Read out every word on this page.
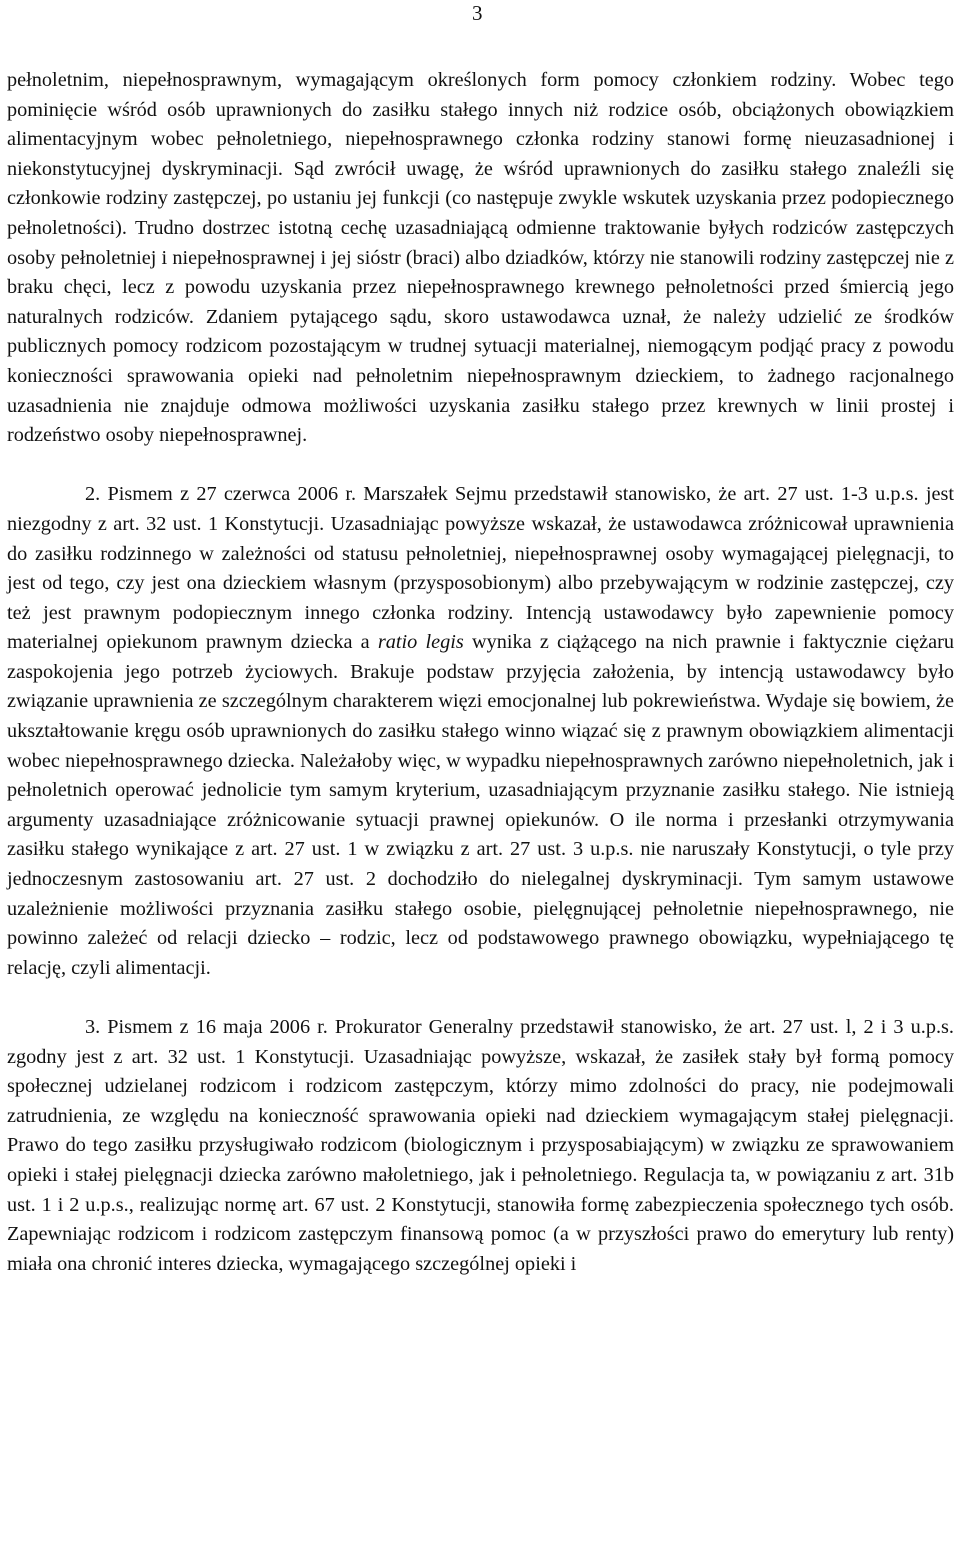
3

pełnoletnim, niepełnosprawnym, wymagającym określonych form pomocy członkiem rodziny. Wobec tego pominięcie wśród osób uprawnionych do zasiłku stałego innych niż rodzice osób, obciążonych obowiązkiem alimentacyjnym wobec pełnoletniego, niepełnosprawnego członka rodziny stanowi formę nieuzasadnionej i niekonstytucyjnej dyskryminacji. Sąd zwrócił uwagę, że wśród uprawnionych do zasiłku stałego znaleźli się członkowie rodziny zastępczej, po ustaniu jej funkcji (co następuje zwykle wskutek uzyskania przez podopiecznego pełnoletności). Trudno dostrzec istotną cechę uzasadniającą odmienne traktowanie byłych rodziców zastępczych osoby pełnoletniej i niepełnosprawnej i jej sióstr (braci) albo dziadków, którzy nie stanowili rodziny zastępczej nie z braku chęci, lecz z powodu uzyskania przez niepełnosprawnego krewnego pełnoletności przed śmiercią jego naturalnych rodziców. Zdaniem pytającego sądu, skoro ustawodawca uznał, że należy udzielić ze środków publicznych pomocy rodzicom pozostającym w trudnej sytuacji materialnej, niemogącym podjąć pracy z powodu konieczności sprawowania opieki nad pełnoletnim niepełnosprawnym dzieckiem, to żadnego racjonalnego uzasadnienia nie znajduje odmowa możliwości uzyskania zasiłku stałego przez krewnych w linii prostej i rodzeństwo osoby niepełnosprawnej.

2. Pismem z 27 czerwca 2006 r. Marszałek Sejmu przedstawił stanowisko, że art. 27 ust. 1-3 u.p.s. jest niezgodny z art. 32 ust. 1 Konstytucji. Uzasadniając powyższe wskazał, że ustawodawca zróżnicował uprawnienia do zasiłku rodzinnego w zależności od statusu pełnoletniej, niepełnosprawnej osoby wymagającej pielęgnacji, to jest od tego, czy jest ona dzieckiem własnym (przysposobionym) albo przebywającym w rodzinie zastępczej, czy też jest prawnym podopiecznym innego członka rodziny. Intencją ustawodawcy było zapewnienie pomocy materialnej opiekunom prawnym dziecka a ratio legis wynika z ciążącego na nich prawnie i faktycznie ciężaru zaspokojenia jego potrzeb życiowych. Brakuje podstaw przyjęcia założenia, by intencją ustawodawcy było związanie uprawnienia ze szczególnym charakterem więzi emocjonalnej lub pokrewieństwa. Wydaje się bowiem, że ukształtowanie kręgu osób uprawnionych do zasiłku stałego winno wiązać się z prawnym obowiązkiem alimentacji wobec niepełnosprawnego dziecka. Należałoby więc, w wypadku niepełnosprawnych zarówno niepełnoletnich, jak i pełnoletnich operować jednolicie tym samym kryterium, uzasadniającym przyznanie zasiłku stałego. Nie istnieją argumenty uzasadniające zróżnicowanie sytuacji prawnej opiekunów. O ile norma i przesłanki otrzymywania zasiłku stałego wynikające z art. 27 ust. 1 w związku z art. 27 ust. 3 u.p.s. nie naruszały Konstytucji, o tyle przy jednoczesnym zastosowaniu art. 27 ust. 2 dochodziło do nielegalnej dyskryminacji. Tym samym ustawowe uzależnienie możliwości przyznania zasiłku stałego osobie, pielęgnującej pełnoletnie niepełnosprawnego, nie powinno zależeć od relacji dziecko – rodzic, lecz od podstawowego prawnego obowiązku, wypełniającego tę relację, czyli alimentacji.

3. Pismem z 16 maja 2006 r. Prokurator Generalny przedstawił stanowisko, że art. 27 ust. l, 2 i 3 u.p.s. zgodny jest z art. 32 ust. 1 Konstytucji. Uzasadniając powyższe, wskazał, że zasiłek stały był formą pomocy społecznej udzielanej rodzicom i rodzicom zastępczym, którzy mimo zdolności do pracy, nie podejmowali zatrudnienia, ze względu na konieczność sprawowania opieki nad dzieckiem wymagającym stałej pielęgnacji. Prawo do tego zasiłku przysługiwało rodzicom (biologicznym i przysposabiającym) w związku ze sprawowaniem opieki i stałej pielęgnacji dziecka zarówno małoletniego, jak i pełnoletniego. Regulacja ta, w powiązaniu z art. 31b ust. 1 i 2 u.p.s., realizując normę art. 67 ust. 2 Konstytucji, stanowiła formę zabezpieczenia społecznego tych osób. Zapewniając rodzicom i rodzicom zastępczym finansową pomoc (a w przyszłości prawo do emerytury lub renty) miała ona chronić interes dziecka, wymagającego szczególnej opieki i
